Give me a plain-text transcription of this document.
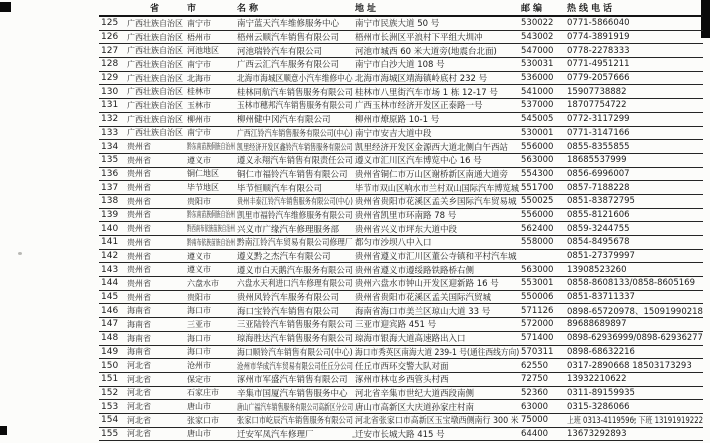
	省	市	名称	地址	邮编	热线电话
125	广西壮族自治区	南宁市	南宁蓝天汽车维修服务中心	南宁市民族大道 50 号	530022	0771-5866040
126	广西壮族自治区	梧州市	梧州云顺汽车销售有限公司	梧州市长洲区平浪村下平组大圳冲	543002	0774-3891919
127	广西壮族自治区	河池地区	河池瑞铃汽车有限公司	河池市城西 60 米大道旁(地震台北面)	547000	0778-2278333
128	广西壮族自治区	南宁市	广西云汇汽车服务有限公司	南宁市白沙大道 108 号	530031	0771-4951211
129	广西壮族自治区	北海市	北海市海城区顺意小汽车维修中心	北海市海城区靖海镇岭底村 232 号	536000	0779-2057666
130	广西壮族自治区	桂林市	桂林同航汽车销售服务有限公司	桂林市八里街汽车市场 1 栋 12-17 号	541000	15907738882
131	广西壮族自治区	玉林市	玉林市穗邦汽车销售服务有限公司	广西玉林市经济开发区正泰路一号	537000	18707754722
132	广西壮族自治区	柳州市	柳州健中冈汽车有限公司	柳州市燎原路 10-1 号	545005	0772-3117299
133	广西壮族自治区	南宁市	广西江铃汽车销售服务有限公司(中心)	南宁市安吉大道中段	530001	0771-3147166
134	贵州省	黔东南苗族侗族自治州	凯里经济开发区鑫铃汽车销售服务有限公司	凯里经济开发区金源西大道北侧白午西站	556000	0855-8355855
135	贵州省	遵义市	遵义永翔汽车销售有限责任公司	遵义市汇川区汽车博览中心 16 号	563000	18685537999
136	贵州省	铜仁地区	铜仁市福铃汽车销售有限公司	贵州省铜仁市万山区谢桥新区南通大道旁	554300	0856-6996007
137	贵州省	毕节地区	毕节恒顺汽车有限公司	毕节市双山区响水市兰村双山国际汽车博览城	551700	0857-7188228
138	贵州省	贵阳市	贵州丰泰江铃汽车销售服务有限公司(中心)	贵州省贵阳市花溪区孟关乡国际汽车贸易城	550025	0851-83872795
139	贵州省	黔东南苗族侗族自治州	凯里市福铃汽车维修服务有限公司	贵州省凯里市环南路 78 号	556000	0855-8121606
140	贵州省	黔西南布依族苗族自治州	兴义市广缘汽车修理服务部	贵州省兴义市坪东大道中段	562400	0859-3244755
141	贵州省	黔南布依族苗族自治州	黔南江铃汽车贸易有限公司修理厂	都匀市沙坝八中入口	558000	0854-8495678
142	贵州省	遵义市	遵义黔之杰汽车有限公司	贵州省遵义市汇川区董公寺镇和平村汽车城		0851-27379997
143	贵州省	遵义市	遵义市白天鹅汽车服务有限公司	贵州省遵义市遵绥路铁路桥右侧	563000	13908523260
144	贵州省	六盘水市	六盘水天利进口汽车修理有限公司	贵州六盘水市钟山开发区迎新路 16 号	553001	0858-8608133/0858-8605169
145	贵州省	贵阳市	贵州风铃汽车服务有限公司	贵州省贵阳市花溪区孟关国际汽贸城	550006	0851-83711337
146	海南省	海口市	海口宝铃汽车销售有限公司	海南省海口市美兰区琼山大道 33 号	571126	0898-65720978、15091990218
147	海南省	三亚市	三亚陆铃汽车销售服务有限公司	三亚市迎宾路 451 号	572000	89688689897
148	海南省	海口市	琼海胜达汽车销售服务有限公司	琼海市银海大道高速路出入口	571400	0898-62936999/0898-62936277
149	海南省	海口市	海口顺铃汽车销售有限公司(中心)	海口市秀英区南海大道 239-1 号(通往西线方向)	570311	0898-68632216
150	河北省	沧州市	沧州市华成汽车贸易有限公司任丘分公司	任丘市西环交警大队对面	62550	0317-2890668 18503173293
151	河北省	保定市	涿州市军盛汽车销售有限公司	涿州市林屯乡西管头村西	72750	13932210622
152	河北省	石家庄市	辛集市国厦汽车销售服务中心	河北省辛集市世纪大道西段南侧	52360	0311-89159935
153	河北省	唐山市	唐山广福汽车销售服务有限公司高新区分公司	唐山市高新区大庆道孙家庄村南	63000	0315-3286066
154	河北省	张家口市	张家口市屹辰汽车销售服务有限公司	河北省张家口市高新区玉宝墩西侧南行 300 米	75000	上班 0313-4119596; 下班 13191919222
155	河北省	唐山市	迁安军凤汽车修理厂	迁安市长城大路 415 号	64400	13673292893
